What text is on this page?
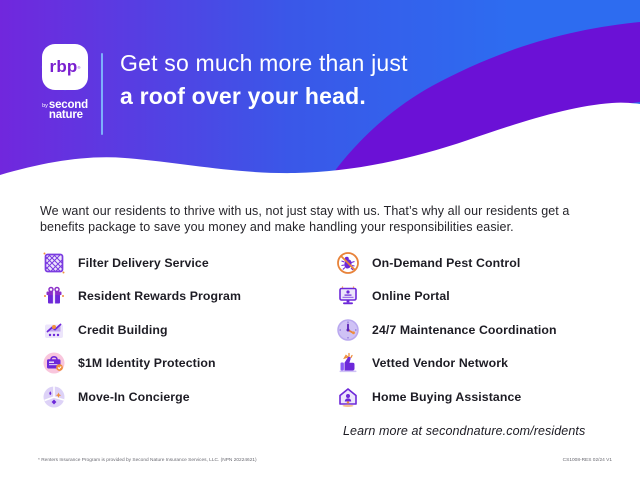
rbp ®
by second
nature
Get so much more than just
a roof over your head.
We want our residents to thrive with us, not just stay with us. That’s why all our residents get a benefits package to save you money and make handling your responsibilities easier.
Filter Delivery Service
Resident Rewards Program
Credit Building
$1M Identity Protection
Move-In Concierge
On-Demand Pest Control
Online Portal
24/7 Maintenance Coordination
Vetted Vendor Network
Home Buying Assistance
Learn more at secondnature.com/residents
* Renters Insurance Program is provided by Second Nature Insurance Services, LLC. (NPN 20224621)	CS1008-RES 02/24 V1
